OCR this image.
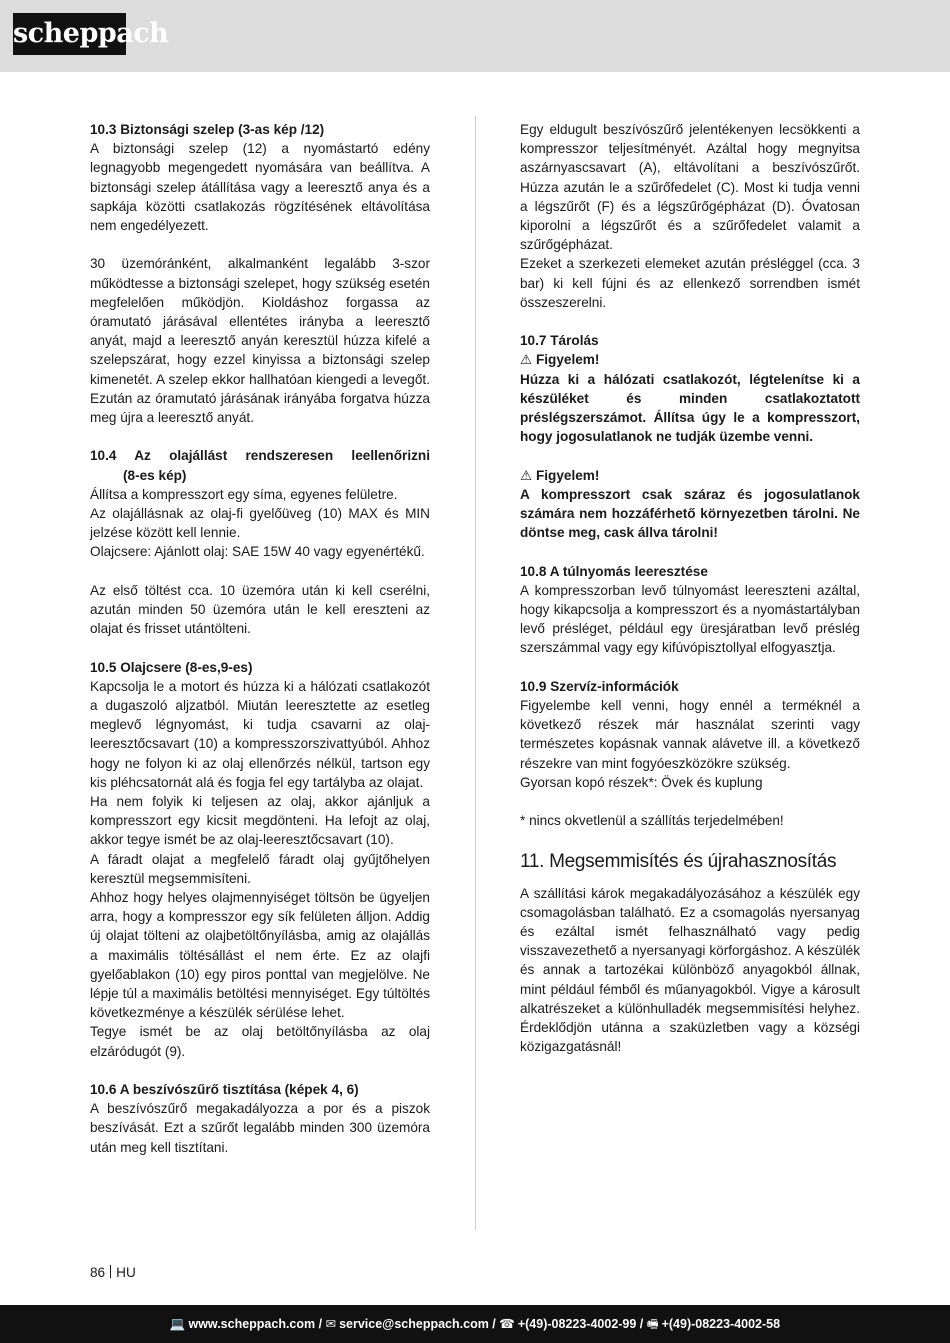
scheppach

10.3 Biztonsági szelep (3-as kép /12)

A biztonsági szelep (12) a nyomástartó edény legnagyobb megengedett nyomására van beállítva. A biztonsági szelep átállítása vagy a leeresztő anya és a sapkája közötti csatlakozás rögzítésének eltávolítása nem engedélyezett.

30 üzemóránként, alkalmanként legalább 3-szor működtesse a biztonsági szelepet, hogy szükség esetén megfelelően működjön. Kioldáshoz forgassa az óramutató járásával ellentétes irányba a leeresztő anyát, majd a leeresztő anyán keresztül húzza kifelé a szelepszárat, hogy ezzel kinyissa a biztonsági szelep kimenetét. A szelep ekkor hallhatóan kiengedi a levegőt. Ezután az óramutató járásának irányába forgatva húzza meg újra a leeresztő anyát.

10.4 Az olajállást rendszeresen leellenőrizni

(8-es kép)

Állítsa a kompresszort egy síma, egyenes felületre.

Az olajállásnak az olaj-fi gyelőüveg (10) MAX és MIN jelzése között kell lennie.

Olajcsere: Ajánlott olaj: SAE 15W 40 vagy egyenértékű.

Az első töltést cca. 10 üzemóra után ki kell cserélni, azután minden 50 üzemóra után le kell ereszteni az olajat és frisset utántölteni.

10.5 Olajcsere (8-es,9-es)

Kapcsolja le a motort és húzza ki a hálózati csatlakozót a dugaszoló aljzatból. Miután leeresztette az esetleg meglevő légnyomást, ki tudja csavarni az olaj-leeresztőcsavart (10) a kompresszorszivattyúból. Ahhoz hogy ne folyon ki az olaj ellenőrzés nélkül, tartson egy kis pléhcsatornát alá és fogja fel egy tartályba az olajat.

Ha nem folyik ki teljesen az olaj, akkor ajánljuk a kompresszort egy kicsit megdönteni. Ha lefojt az olaj, akkor tegye ismét be az olaj-leeresztőcsavart (10).

A fáradt olajat a megfelelő fáradt olaj gyűjtőhelyen keresztül megsemmisíteni.

Ahhoz hogy helyes olajmennyiséget töltsön be ügyeljen arra, hogy a kompresszor egy sík felületen álljon. Addig új olajat tölteni az olajbetöltőnyílásba, amig az olajállás a maximális töltésállást el nem érte. Ez az olajfi gyelőablakon (10) egy piros ponttal van megjelölve. Ne lépje túl a maximális betöltési mennyiséget. Egy túltöltés következménye a készülék sérülése lehet.

Tegye ismét be az olaj betöltőnyílásba az olaj elzáródugót (9).

10.6 A beszívószűrő tisztítása (képek 4, 6)

A beszívószűrő megakadályozza a por és a piszok beszívását. Ezt a szűrőt legalább minden 300 üzemóra után meg kell tisztítani.

Egy eldugult beszívószűrő jelentékenyen lecsökkenti a kompresszor teljesítményét. Azáltal hogy megnyitsa aszárnyascsavart (A), eltávolítani a beszívószűrőt. Húzza azután le a szűrőfedelet (C). Most ki tudja venni a légszűrőt (F) és a légszűrőgépházat (D). Óvatosan kiporolni a légszűrőt és a szűrőfedelet valamit a szűrőgépházat.

Ezeket a szerkezeti elemeket azután présléggel (cca. 3 bar) ki kell fújni és az ellenkező sorrendben ismét összeszerelni.

10.7 Tárolás

⚠ Figyelem!

Húzza ki a hálózati csatlakozót, légtelenítse ki a készüléket és minden csatlakoztatott préslégszerszámot. Állítsa úgy le a kompresszort, hogy jogosulatlanok ne tudják üzembe venni.

⚠ Figyelem!

A kompresszort csak száraz és jogosulatlanok számára nem hozzáférhető környezetben tárolni. Ne döntse meg, cask állva tárolni!

10.8 A túlnyomás leeresztése

A kompresszorban levő túlnyomást leereszteni azáltal, hogy kikapcsolja a kompresszort és a nyomástartályban levő présléget, például egy üresjáratban levő préslég szerszámmal vagy egy kifúvópisztollyal elfogyasztja.

10.9 Szervíz-információk

Figyelembe kell venni, hogy ennél a terméknél a következő részek már használat szerinti vagy természetes kopásnak vannak alávetve ill. a következő részekre van mint fogyóeszközökre szükség.

Gyorsan kopó részek*: Övek és kuplung

* nincs okvetlenül a szállítás terjedelmében!

11. Megsemmisítés és újrahasznosítás

A szállítási károk megakadályozásához a készülék egy csomagolásban található. Ez a csomagolás nyersanyag és ezáltal ismét felhasználható vagy pedig visszavezethető a nyersanyagi körforgáshoz. A készülék és annak a tartozékai különböző anyagokból állnak, mint például fémből és műanyagokból. Vigye a károsult alkatrészeket a különhulladék megsemmisítési helyhez. Érdeklődjön utánna a szaküzletben vagy a községi közigazgatásnál!

86 HU
💻 www.scheppach.com / ✉ service@scheppach.com / ☎ +(49)-08223-4002-99 / 🖷 +(49)-08223-4002-58
